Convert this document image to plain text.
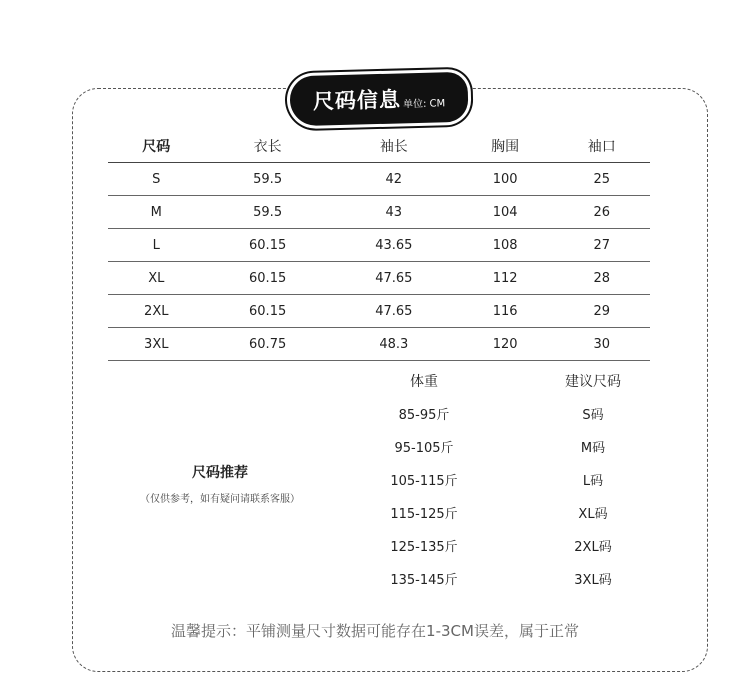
尺码信息 单位: CM
尺码	衣长	袖长	胸围	袖口
S	59.5	42	100	25
M	59.5	43	104	26
L	60.15	43.65	108	27
XL	60.15	47.65	112	28
2XL	60.15	47.65	116	29
3XL	60.75	48.3	120	30
尺码推荐
（仅供参考，如有疑问请联系客服）
体重	建议尺码
85-95斤	S码
95-105斤	M码
105-115斤	L码
115-125斤	XL码
125-135斤	2XL码
135-145斤	3XL码
温馨提示：平铺测量尺寸数据可能存在1-3CM误差，属于正常
